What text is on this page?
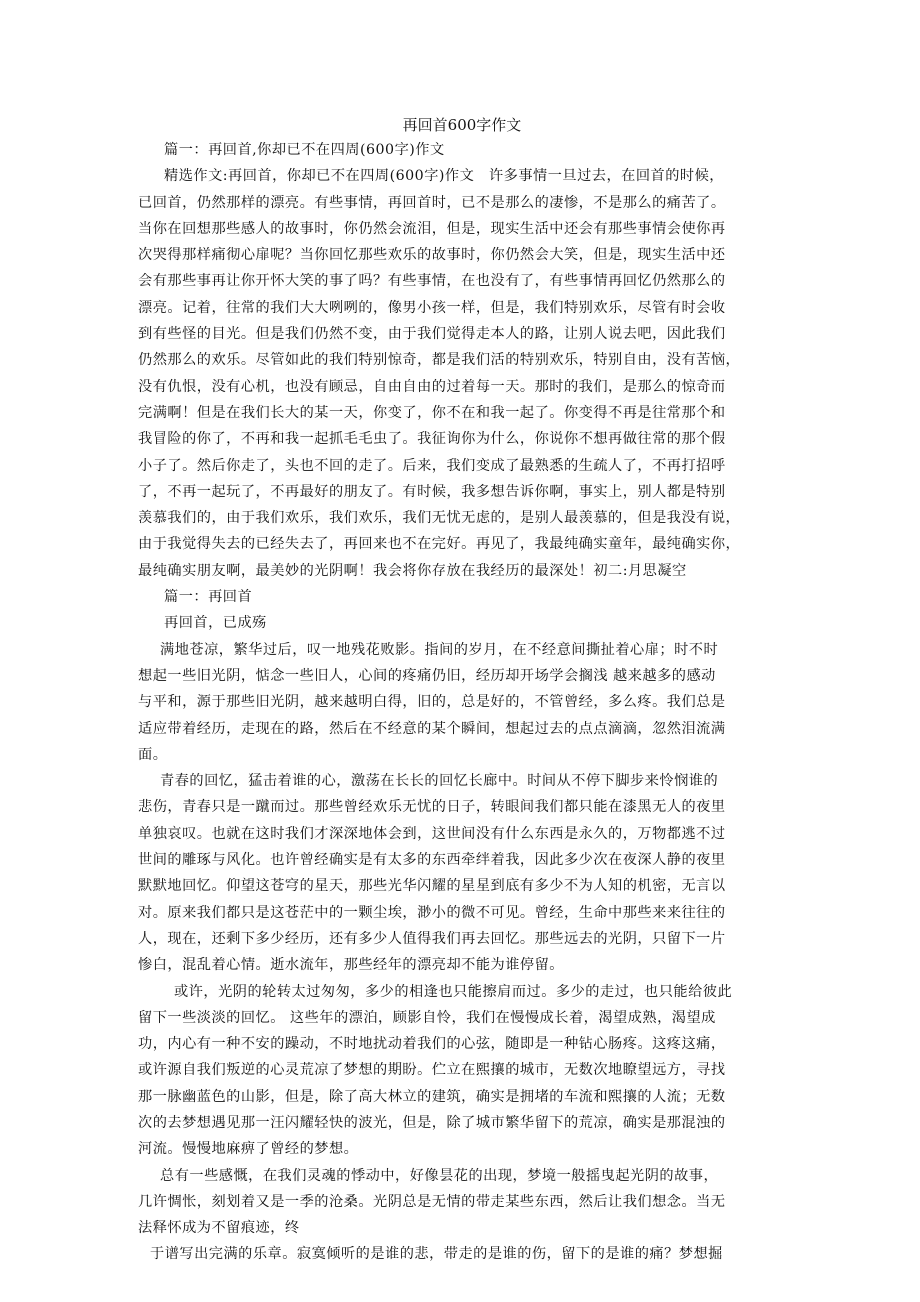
再回首600字作文

篇一：再回首,你却已不在四周(600字)作文

精选作文:再回首，你却已不在四周(600字)作文　许多事情一旦过去，在回首的时候，

已回首，仍然那样的漂亮。有些事情，再回首时，已不是那么的凄惨，不是那么的痛苦了。

当你在回想那些感人的故事时，你仍然会流泪，但是，现实生活中还会有那些事情会使你再

次哭得那样痛彻心扉呢？当你回忆那些欢乐的故事时，你仍然会大笑，但是，现实生活中还

会有那些事再让你开怀大笑的事了吗？有些事情，在也没有了，有些事情再回忆仍然那么的

漂亮。记着，往常的我们大大咧咧的，像男小孩一样，但是，我们特别欢乐，尽管有时会收

到有些怪的目光。但是我们仍然不变，由于我们觉得走本人的路，让别人说去吧，因此我们

仍然那么的欢乐。尽管如此的我们特别惊奇，都是我们活的特别欢乐，特别自由，没有苦恼，

没有仇恨，没有心机，也没有顾忌，自由自由的过着每一天。那时的我们，是那么的惊奇而

完满啊！但是在我们长大的某一天，你变了，你不在和我一起了。你变得不再是往常那个和

我冒险的你了，不再和我一起抓毛毛虫了。我征询你为什么，你说你不想再做往常的那个假

小子了。然后你走了，头也不回的走了。后来，我们变成了最熟悉的生疏人了，不再打招呼

了，不再一起玩了，不再最好的朋友了。有时候，我多想告诉你啊，事实上，别人都是特别

羡慕我们的，由于我们欢乐，我们欢乐，我们无忧无虑的，是别人最羡慕的，但是我没有说，

由于我觉得失去的已经失去了，再回来也不在完好。再见了，我最纯确实童年，最纯确实你，

最纯确实朋友啊，最美妙的光阴啊！我会将你存放在我经历的最深处！初二:月思凝空

篇一：再回首

再回首，已成殇

满地苍凉，繁华过后，叹一地残花败影。指间的岁月，在不经意间撕扯着心扉；时不时

想起一些旧光阴，惦念一些旧人，心间的疼痛仍旧，经历却开场学会搁浅 越来越多的感动

与平和，源于那些旧光阴，越来越明白得，旧的，总是好的，不管曾经，多么疼。我们总是

适应带着经历，走现在的路，然后在不经意的某个瞬间，想起过去的点点滴滴，忽然泪流满

面。

青春的回忆，猛击着谁的心，激荡在长长的回忆长廊中。时间从不停下脚步来怜悯谁的

悲伤，青春只是一蹴而过。那些曾经欢乐无忧的日子，转眼间我们都只能在漆黑无人的夜里

单独哀叹。也就在这时我们才深深地体会到，这世间没有什么东西是永久的，万物都逃不过

世间的雕琢与风化。也许曾经确实是有太多的东西牵绊着我，因此多少次在夜深人静的夜里

默默地回忆。仰望这苍穹的星天，那些光华闪耀的星星到底有多少不为人知的机密，无言以

对。原来我们都只是这苍茫中的一颗尘埃，渺小的微不可见。曾经，生命中那些来来往往的

人，现在，还剩下多少经历，还有多少人值得我们再去回忆。那些远去的光阴，只留下一片

惨白，混乱着心情。逝水流年，那些经年的漂亮却不能为谁停留。

或许，光阴的轮转太过匆匆，多少的相逢也只能擦肩而过。多少的走过，也只能给彼此

留下一些淡淡的回忆。 这些年的漂泊，顾影自怜，我们在慢慢成长着，渴望成熟，渴望成

功，内心有一种不安的躁动，不时地扰动着我们的心弦，随即是一种钻心肠疼。这疼这痛，

或许源自我们叛逆的心灵荒凉了梦想的期盼。伫立在熙攘的城市，无数次地瞭望远方，寻找

那一脉幽蓝色的山影，但是，除了高大林立的建筑，确实是拥堵的车流和熙攘的人流；无数

次的去梦想遇见那一汪闪耀轻快的波光，但是，除了城市繁华留下的荒凉，确实是那混浊的

河流。慢慢地麻痹了曾经的梦想。

总有一些感慨，在我们灵魂的悸动中，好像昙花的出现，梦境一般摇曳起光阴的故事，

几许惆怅，刻划着又是一季的沧桑。光阴总是无情的带走某些东西，然后让我们想念。当无

法释怀成为不留痕迹，终

于谱写出完满的乐章。寂寞倾听的是谁的悲，带走的是谁的伤，留下的是谁的痛？梦想掘
